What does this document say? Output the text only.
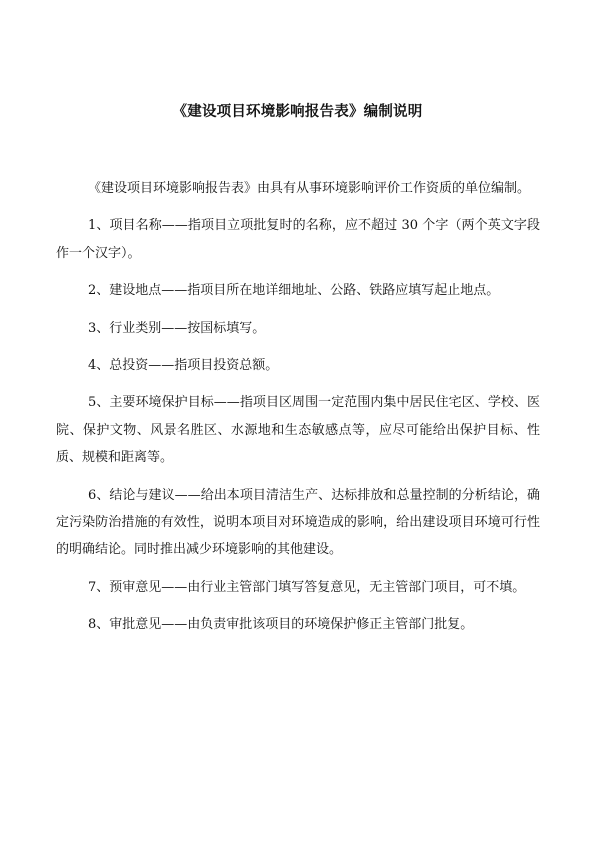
《建设项目环境影响报告表》编制说明

《建设项目环境影响报告表》由具有从事环境影响评价工作资质的单位编制。

1、项目名称——指项目立项批复时的名称，应不超过 30 个字（两个英文字段作一个汉字）。

2、建设地点——指项目所在地详细地址、公路、铁路应填写起止地点。

3、行业类别——按国标填写。

4、总投资——指项目投资总额。

5、主要环境保护目标——指项目区周围一定范围内集中居民住宅区、学校、医院、保护文物、风景名胜区、水源地和生态敏感点等，应尽可能给出保护目标、性质、规模和距离等。

6、结论与建议——给出本项目清洁生产、达标排放和总量控制的分析结论，确定污染防治措施的有效性，说明本项目对环境造成的影响，给出建设项目环境可行性的明确结论。同时推出减少环境影响的其他建设。

7、预审意见——由行业主管部门填写答复意见，无主管部门项目，可不填。

8、审批意见——由负责审批该项目的环境保护修正主管部门批复。
